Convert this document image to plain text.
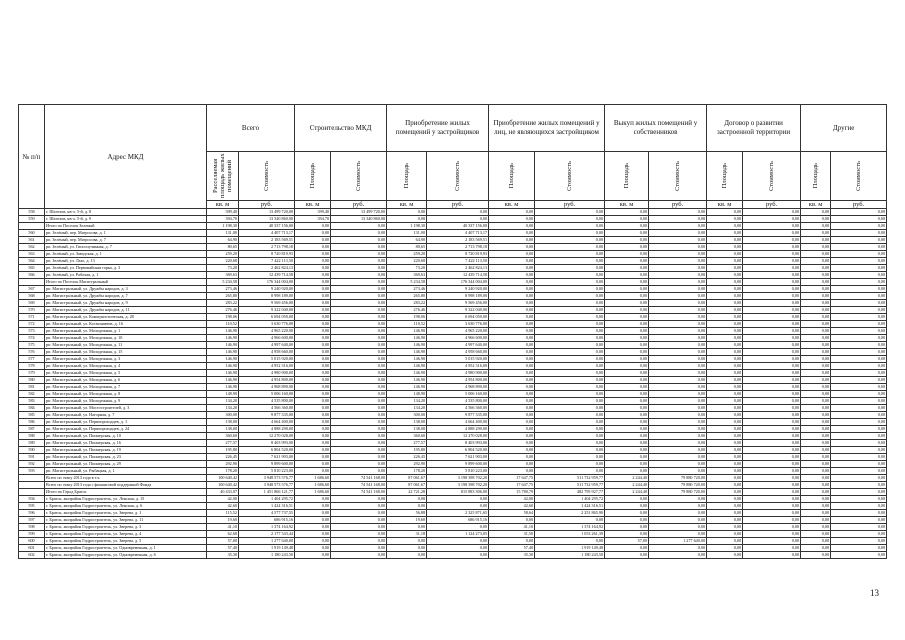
№ п/п	Адрес МКД	Всего		Строительство МКД		Приобретение жилых помещений у застройщиков		Приобретение жилых помещений у лиц, не являющихся застройщиком		Выкуп жилых помещений у собственников		Договор о развитии застроенной территории		Другие	

		Расселяемая площадь жилых помещений	Стоимость	Площадь	Стоимость	Площадь	Стоимость	Площадь	Стоимость	Площадь	Стоимость	Площадь	Стоимость	Площадь	Стоимость

		кв. м	руб.	кв. м	руб.	кв. м	руб.	кв. м	руб.	кв. м	руб.	кв. м	руб.	кв. м	руб.
558	г. Шелехов, кв-л. 5-й, д. 8	399,40	13 499 720,00	399,40	13 499 720,00	0,00	0,00	0,00	0,00	0,00	0,00	0,00	0,00	0,00	0,00
559	г. Шелехов, кв-л. 5-й, д. 9	394,70	13 340 860,00	394,70	13 340 860,00	0,00	0,00	0,00	0,00	0,00	0,00	0,00	0,00	0,00	0,00
	Итого по Поселок Зеленый	1 198,30	40 337 156,00	0,00	0,00	1 198,30	40 337 156,00	0,00	0,00	0,00	0,00	0,00	0,00	0,00	0,00
560	рп. Зелёный, пер. Матросова, д. 1	131,00	4 407 713,17	0,00	0,00	131,00	4 407 713,17	0,00	0,00	0,00	0,00	0,00	0,00	0,00	0,00
561	рп. Зелёный, пер. Матросова, д. 7	64,90	2 183 569,51	0,00	0,00	64,90	2 183 569,51	0,00	0,00	0,00	0,00	0,00	0,00	0,00	0,00
562	рп. Зелёный, ул. Гипсопучинная, д. 7	80,65	2 713 798,18	0,00	0,00	80,65	2 713 798,18	0,00	0,00	0,00	0,00	0,00	0,00	0,00	0,00
563	рп. Зелёный, ул. Заводская, д. 1	259,20	8 720 819,93	0,00	0,00	259,20	8 720 819,93	0,00	0,00	0,00	0,00	0,00	0,00	0,00	0,00
564	рп. Зелёный, ул. Лазо, д. 13	220,68	7 422 113,50	0,00	0,00	220,68	7 422 113,50	0,00	0,00	0,00	0,00	0,00	0,00	0,00	0,00
565	рп. Зелёный, ул. Первомайская горка, д. 3	73,20	2 462 824,13	0,00	0,00	73,20	2 462 824,13	0,00	0,00	0,00	0,00	0,00	0,00	0,00	0,00
566	рп. Зелёный, ул. Рабочая, д. 1	369,63	12 439 714,58	0,00	0,00	369,63	12 439 714,58	0,00	0,00	0,00	0,00	0,00	0,00	0,00	0,00
	Итого по Поселок Магистральный	5 234,58	176 344 004,00	0,00	0,00	5 234,58	176 344 004,00	0,00	0,00	0,00	0,00	0,00	0,00	0,00	0,00
567	рп. Магистральный, ул. Дружбы народов, д. 3	273,46	9 240 920,00	0,00	0,00	273,46	9 240 920,00	0,00	0,00	0,00	0,00	0,00	0,00	0,00	0,00
568	рп. Магистральный, ул. Дружбы народов, д. 7	265,80	8 998 189,00	0,00	0,00	265,80	8 998 189,00	0,00	0,00	0,00	0,00	0,00	0,00	0,00	0,00
569	рп. Магистральный, ул. Дружбы народов, д. 9	283,22	9 569 456,00	0,00	0,00	283,22	9 569 456,00	0,00	0,00	0,00	0,00	0,00	0,00	0,00	0,00
570	рп. Магистральный, ул. Дружбы народов, д. 11	276,46	9 322 040,00	0,00	0,00	276,46	9 322 040,00	0,00	0,00	0,00	0,00	0,00	0,00	0,00	0,00
571	рп. Магистральный, ул. Коммунистическая, д. 28	198,06	6 694 050,00	0,00	0,00	198,06	6 694 050,00	0,00	0,00	0,00	0,00	0,00	0,00	0,00	0,00
572	рп. Магистральный, ул. Космонавтов, д. 16	110,52	3 630 776,00	0,00	0,00	110,52	3 630 776,00	0,00	0,00	0,00	0,00	0,00	0,00	0,00	0,00
573	рп. Магистральный, ул. Молодежная, д. 1	146,90	4 965 220,00	0,00	0,00	146,90	4 965 220,00	0,00	0,00	0,00	0,00	0,00	0,00	0,00	0,00
574	рп. Магистральный, ул. Молодежная, д. 10	146,90	4 966 600,00	0,00	0,00	146,90	4 966 600,00	0,00	0,00	0,00	0,00	0,00	0,00	0,00	0,00
575	рп. Магистральный, ул. Молодежная, д. 11	146,90	4 997 640,00	0,00	0,00	146,90	4 997 640,00	0,00	0,00	0,00	0,00	0,00	0,00	0,00	0,00
576	рп. Магистральный, ул. Молодежная, д. 15	146,90	4 958 660,00	0,00	0,00	146,90	4 958 660,00	0,00	0,00	0,00	0,00	0,00	0,00	0,00	0,00
577	рп. Магистральный, ул. Молодежная, д. 3	146,90	5 015 920,00	0,00	0,00	146,90	5 015 920,00	0,00	0,00	0,00	0,00	0,00	0,00	0,00	0,00
578	рп. Магистральный, ул. Молодежная, д. 4	146,90	4 952 316,00	0,00	0,00	146,90	4 952 316,00	0,00	0,00	0,00	0,00	0,00	0,00	0,00	0,00
579	рп. Магистральный, ул. Молодежная, д. 5	146,90	4 980 900,00	0,00	0,00	146,90	4 980 900,00	0,00	0,00	0,00	0,00	0,00	0,00	0,00	0,00
580	рп. Магистральный, ул. Молодежная, д. 6	146,90	4 954 800,00	0,00	0,00	146,90	4 954 800,00	0,00	0,00	0,00	0,00	0,00	0,00	0,00	0,00
581	рп. Магистральный, ул. Молодежная, д. 7	146,90	4 968 890,00	0,00	0,00	146,90	4 968 890,00	0,00	0,00	0,00	0,00	0,00	0,00	0,00	0,00
582	рп. Магистральный, ул. Молодежная, д. 8	148,90	5 006 160,00	0,00	0,00	148,90	5 006 160,00	0,00	0,00	0,00	0,00	0,00	0,00	0,00	0,00
583	рп. Магистральный, ул. Молодежная, д. 9	134,20	4 535 800,00	0,00	0,00	134,20	4 535 800,00	0,00	0,00	0,00	0,00	0,00	0,00	0,00	0,00
584	рп. Магистральный, ул. Мостостроителей, д. 3	134,20	4 566 360,00	0,00	0,00	134,20	4 566 360,00	0,00	0,00	0,00	0,00	0,00	0,00	0,00	0,00
585	рп. Магистральный, ул. Нагорная, д. 7	300,00	9 877 335,00	0,00	0,00	300,00	9 877 335,00	0,00	0,00	0,00	0,00	0,00	0,00	0,00	0,00
586	рп. Магистральный, ул. Первопроходцев, д. 1	138,00	4 664 400,00	0,00	0,00	138,00	4 664 400,00	0,00	0,00	0,00	0,00	0,00	0,00	0,00	0,00
587	рп. Магистральный, ул. Первопроходцев, д. 24	138,00	4 888 290,00	0,00	0,00	138,00	4 888 290,00	0,00	0,00	0,00	0,00	0,00	0,00	0,00	0,00
588	рп. Магистральный, ул. Пионерская, д. 10	360,60	12 270 028,00	0,00	0,00	360,60	12 270 028,00	0,00	0,00	0,00	0,00	0,00	0,00	0,00	0,00
589	рп. Магистральный, ул. Пионерская, д. 16	277,57	8 403 993,00	0,00	0,00	277,57	8 403 993,00	0,00	0,00	0,00	0,00	0,00	0,00	0,00	0,00
590	рп. Магистральный, ул. Пионерская, д. 19	195,80	6 804 520,00	0,00	0,00	195,80	6 804 520,00	0,00	0,00	0,00	0,00	0,00	0,00	0,00	0,00
591	рп. Магистральный, ул. Пионерская, д. 23	226,45	7 621 903,00	0,00	0,00	226,45	7 621 903,00	0,00	0,00	0,00	0,00	0,00	0,00	0,00	0,00
592	рп. Магистральный, ул. Пионерская, д. 29	292,90	9 899 600,00	0,00	0,00	292,90	9 899 600,00	0,00	0,00	0,00	0,00	0,00	0,00	0,00	0,00
593	рп. Магистральный, ул. Рыбацкая, д. 1	178,20	5 810 223,00	0,00	0,00	178,20	5 810 223,00	0,00	0,00	0,00	0,00	0,00	0,00	0,00	0,00
	Всего по этапу 2013 года в т.ч.	100 640,42	3 948 573 576,77	1 686,60	74 541 168,00	87 061,67	3 198 398 702,20	17 647,75	511 732 959,77	2 244,40	79 880 720,00	0,00	0,00	0,00	0,00
	Всего по этапу 2013 года с финансовой поддержкой Фонда	100 640,42	3 948 573 576,77	1 686,60	74 541 168,00	87 061,67	3 198 398 702,20	17 647,75	511 732 959,77	2 244,40	79 880 720,00	0,00	0,00	0,00	0,00
	Итого по Город Братск	40 433,07	1 451 866 121,77	1 686,60	74 541 168,00	22 721,28	815 883 306,00	15 780,79	482 795 927,77	2 244,40	79 880 720,00	0,00	0,00	0,00	0,00
594	г. Братск, жилрайон Гидростроитель, ул. Ленская, д. 15	42,00	1 404 295,72	0,00	0,00	0,00	0,00	42,00	1 404 295,72	0,00	0,00	0,00	0,00	0,00	0,00
595	г. Братск, жилрайон Гидростроитель, ул. Ленская, д. 6	42,60	1 424 316,51	0,00	0,00	0,00	0,00	42,60	1 424 316,51	0,00	0,00	0,00	0,00	0,00	0,00
596	г. Братск, жилрайон Гидростроитель, ул. Зверева, д. 1	115,52	4 577 737,55	0,00	0,00	56,88	2 325 871,65	58,64	2 251 865,90	0,00	0,00	0,00	0,00	0,00	0,00
597	г. Братск, жилрайон Гидростроитель, ул. Зверева, д. 11	19,60	686 915,16	0,00	0,00	19,60	686 915,16	0,00	0,00	0,00	0,00	0,00	0,00	0,00	0,00
598	г. Братск, жилрайон Гидростроитель, ул. Зверева, д. 3	41,10	1 374 164,92	0,00	0,00	0,00	0,00	41,10	1 374 164,92	0,00	0,00	0,00	0,00	0,00	0,00
599	г. Братск, жилрайон Гидростроитель, ул. Зверева, д. 4	62,68	2 177 543,44	0,00	0,00	31,18	1 124 273,05	31,50	1 053 261,39	0,00	0,00	0,00	0,00	0,00	0,00
600	г. Братск, жилрайон Гидростроитель, ул. Зверева, д. 5	57,00	1 277 640,00	0,00	0,00	0,00	0,00	0,00	0,00	57,00	1 277 640,00	0,00	0,00	0,00	0,00
601	г. Братск, жилрайон Гидростроитель, ул. Одновременная, д. 1	57,40	1 919 149,48	0,00	0,00	0,00	0,00	57,40	1 919 149,48	0,00	0,00	0,00	0,00	0,00	0,00
602	г. Братск, жилрайон Гидростроитель, ул. Одновременная, д. 6	35,30	1 180 243,50	0,00	0,00	0,00	0,00	35,30	1 180 243,50	0,00	0,00	0,00	0,00	0,00	0,00
13
